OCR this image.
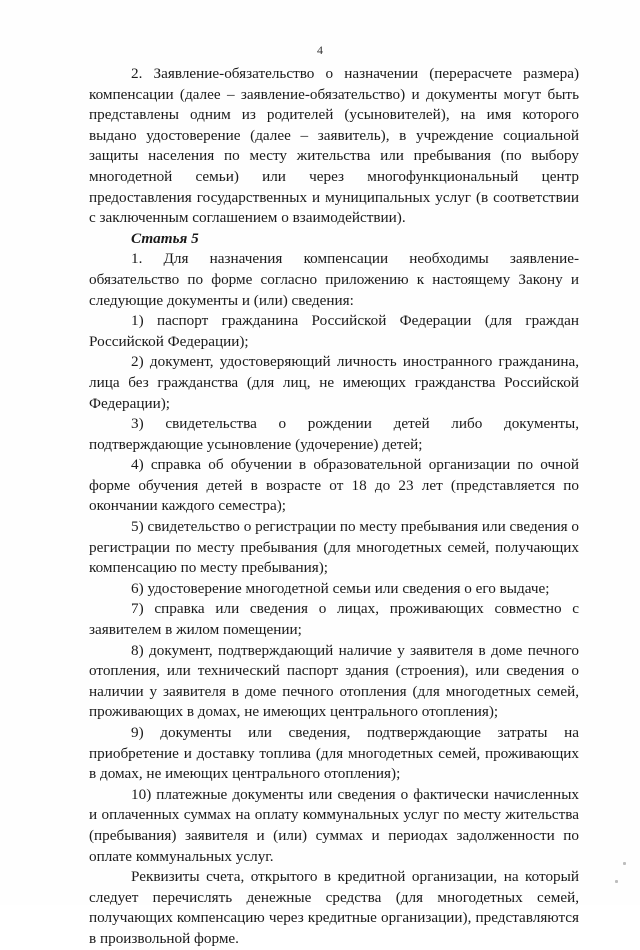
4

2. Заявление-обязательство о назначении (перерасчете размера) компенсации (далее – заявление-обязательство) и документы могут быть представлены одним из родителей (усыновителей), на имя которого выдано удостоверение (далее – заявитель), в учреждение социальной защиты населения по месту жительства или пребывания (по выбору многодетной семьи) или через многофункциональный центр предоставления государственных и муниципальных услуг (в соответствии с заключенным соглашением о взаимодействии).

Статья 5

1. Для назначения компенсации необходимы заявление-обязательство по форме согласно приложению к настоящему Закону и следующие документы и (или) сведения:

1) паспорт гражданина Российской Федерации (для граждан Российской Федерации);

2) документ, удостоверяющий личность иностранного гражданина, лица без гражданства (для лиц, не имеющих гражданства Российской Федерации);

3) свидетельства о рождении детей либо документы, подтверждающие усыновление (удочерение) детей;

4) справка об обучении в образовательной организации по очной форме обучения детей в возрасте от 18 до 23 лет (представляется по окончании каждого семестра);

5) свидетельство о регистрации по месту пребывания или сведения о регистрации по месту пребывания (для многодетных семей, получающих компенсацию по месту пребывания);

6) удостоверение многодетной семьи или сведения о его выдаче;

7) справка или сведения о лицах, проживающих совместно с заявителем в жилом помещении;

8) документ, подтверждающий наличие у заявителя в доме печного отопления, или технический паспорт здания (строения), или сведения о наличии у заявителя в доме печного отопления (для многодетных семей, проживающих в домах, не имеющих центрального отопления);

9) документы или сведения, подтверждающие затраты на приобретение и доставку топлива (для многодетных семей, проживающих в домах, не имеющих центрального отопления);

10) платежные документы или сведения о фактически начисленных и оплаченных суммах на оплату коммунальных услуг по месту жительства (пребывания) заявителя и (или) суммах и периодах задолженности по оплате коммунальных услуг.

Реквизиты счета, открытого в кредитной организации, на который следует перечислять денежные средства (для многодетных семей, получающих компенсацию через кредитные организации), представляются в произвольной форме.
